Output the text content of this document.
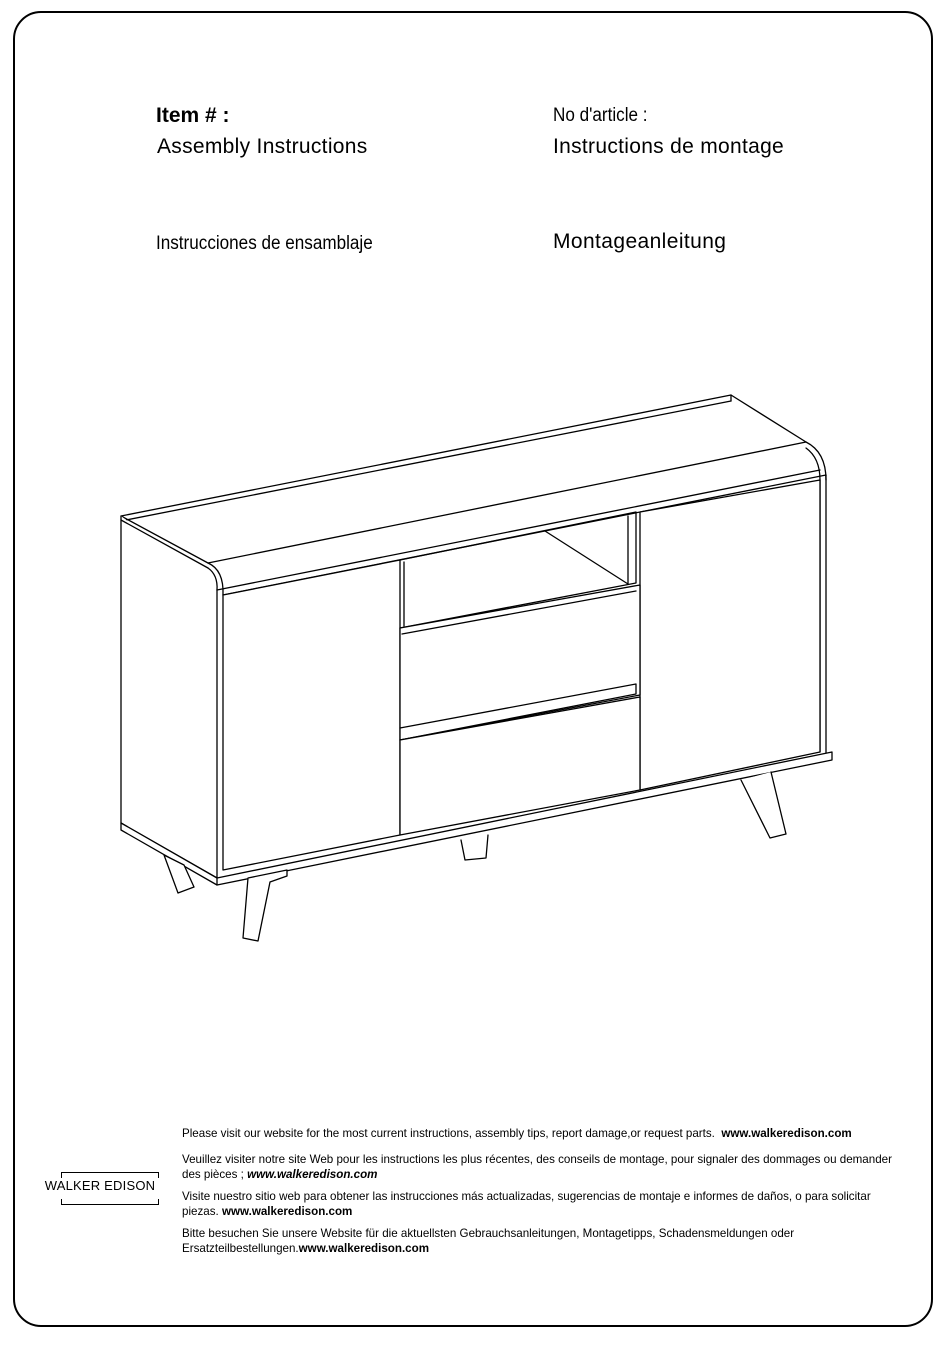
Item # :
Assembly Instructions
No d'article :
Instructions de montage
Instrucciones de ensamblaje	Montageanleitung
WALKER EDISON

Please visit our website for the most current instructions, assembly tips, report damage,or request parts. www.walkeredison.com

Veuillez visiter notre site Web pour les instructions les plus récentes, des conseils de montage, pour signaler des dommages ou demander des pièces ; www.walkeredison.com

Visite nuestro sitio web para obtener las instrucciones más actualizadas, sugerencias de montaje e informes de daños, o para solicitar piezas. www.walkeredison.com

Bitte besuchen Sie unsere Website für die aktuellsten Gebrauchsanleitungen, Montagetipps, Schadensmeldungen oder Ersatzteilbestellungen.www.walkeredison.com
